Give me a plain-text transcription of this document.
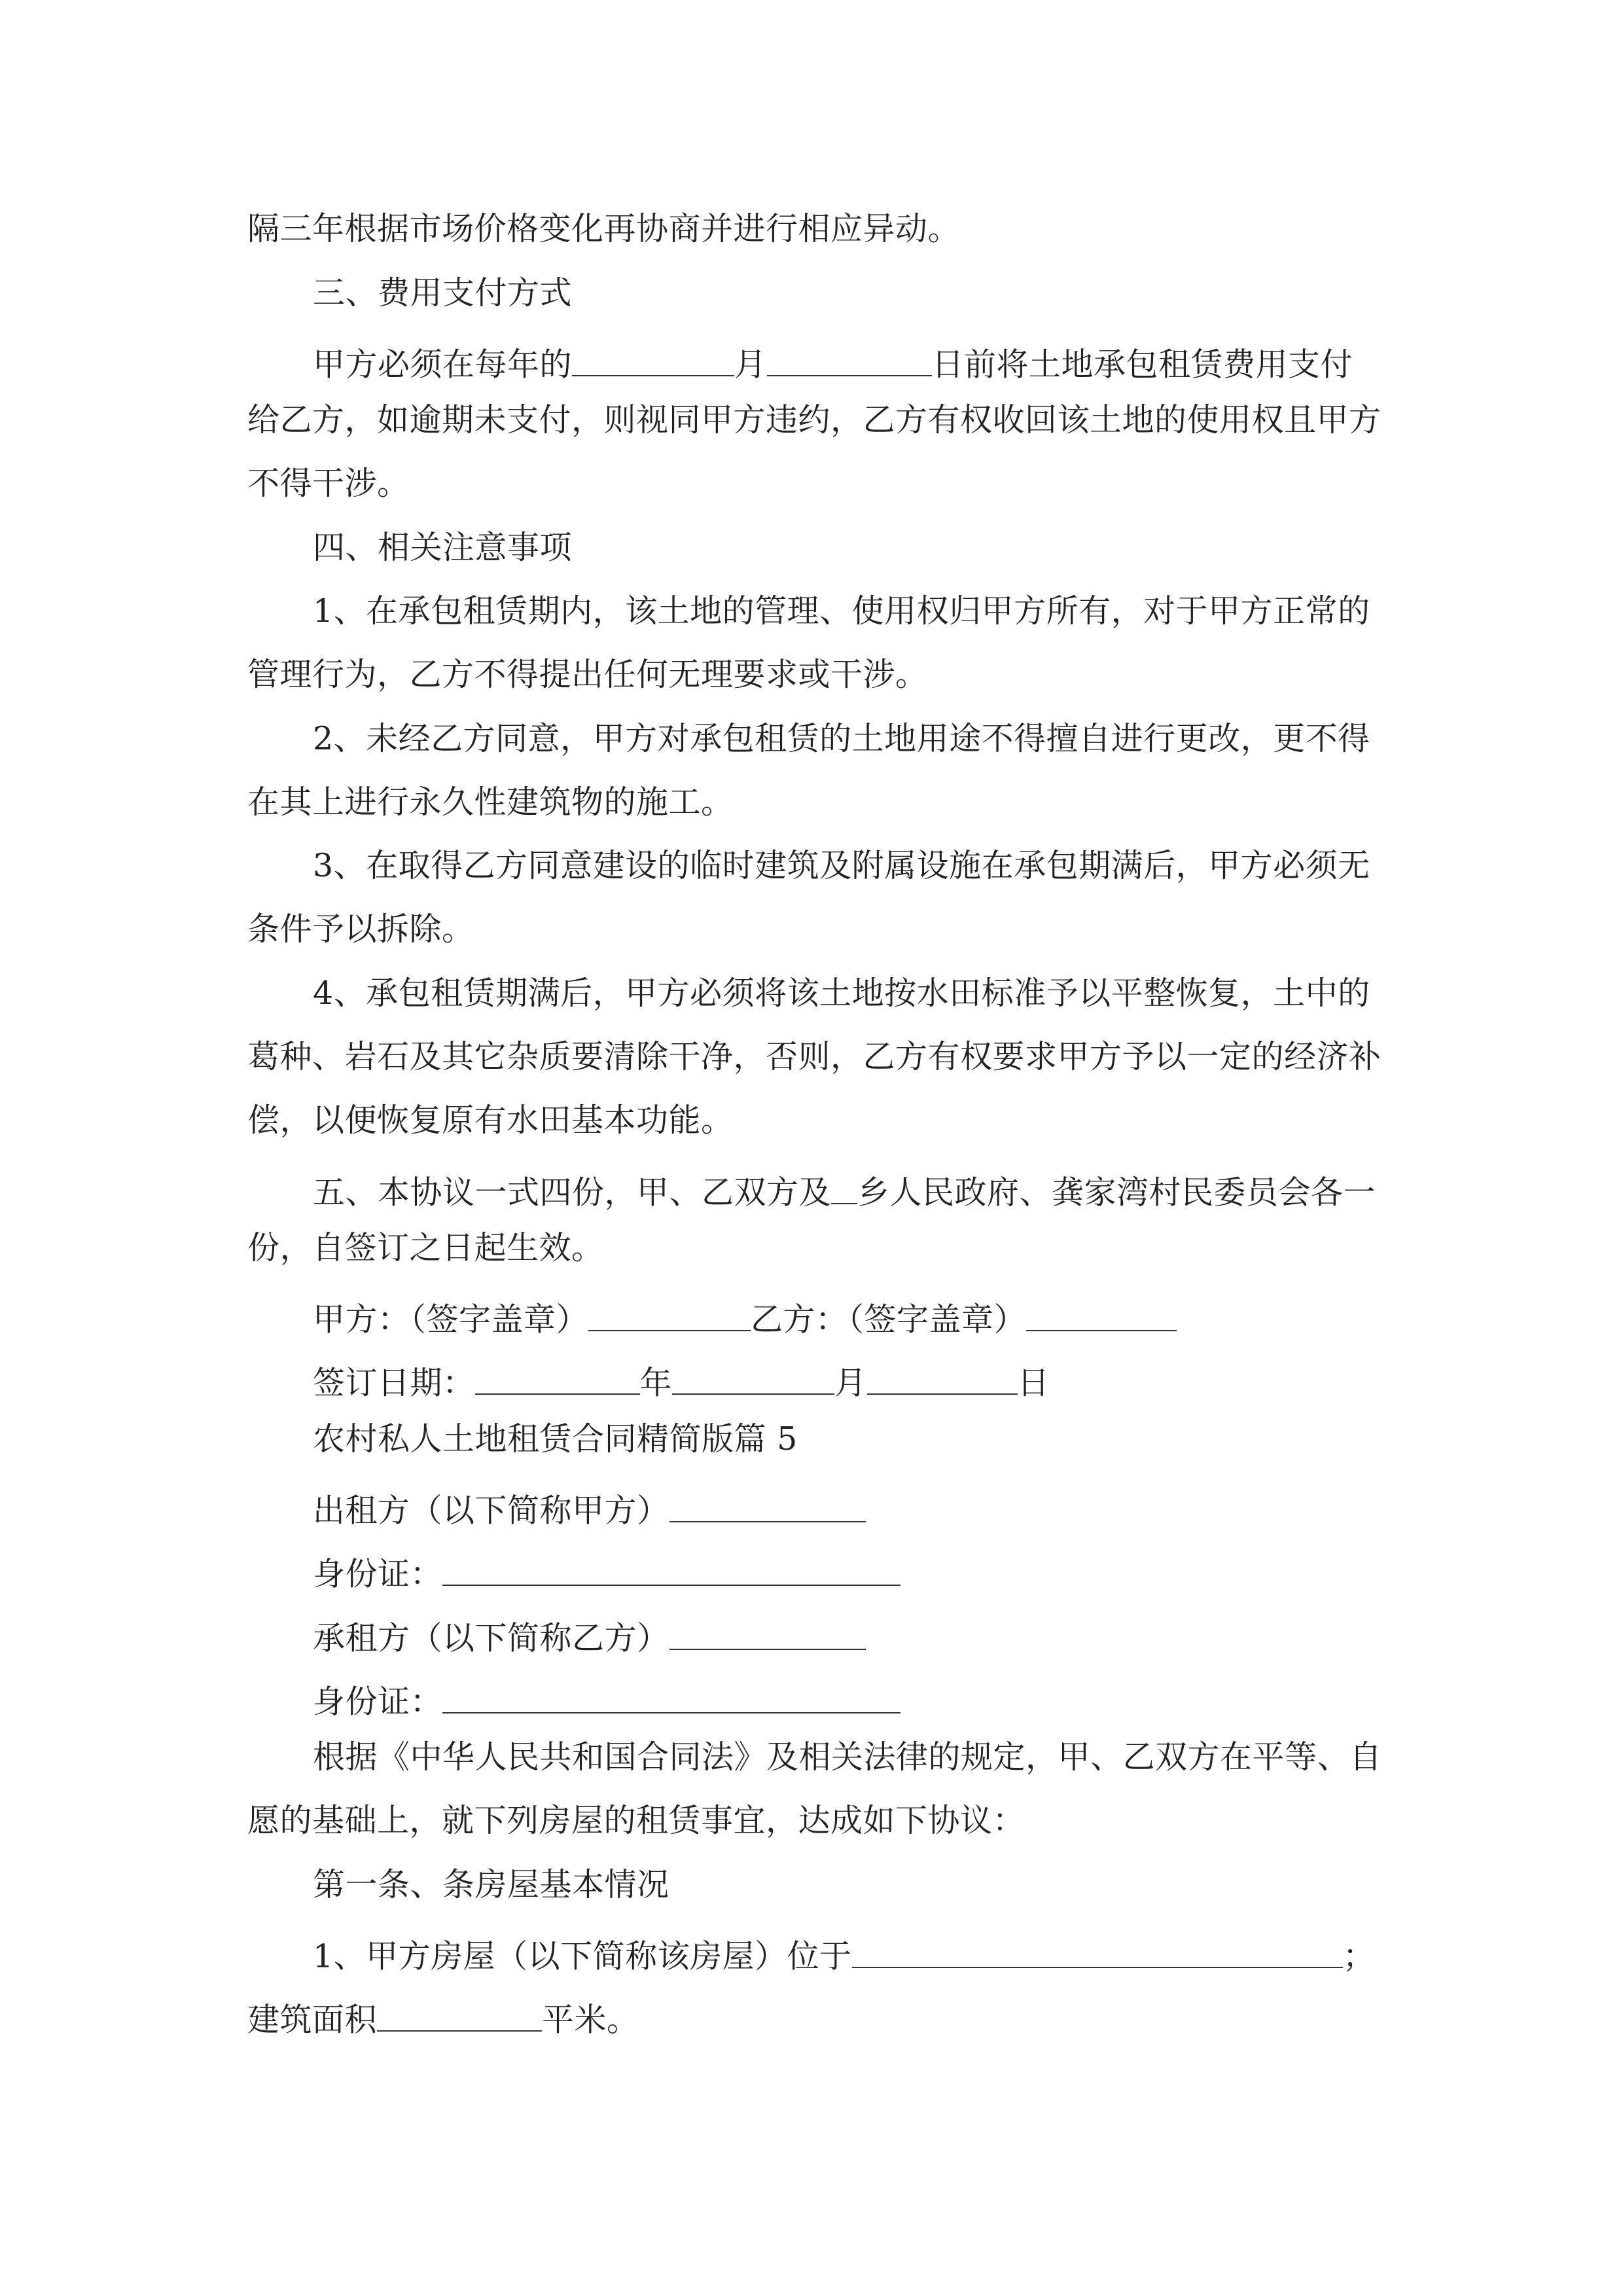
隔三年根据市场价格变化再协商并进行相应异动。
三、费用支付方式
甲方必须在每年的	月	日前将土地承包租赁费用支付
给乙方，如逾期未支付，则视同甲方违约，乙方有权收回该土地的使用权且甲方
不得干涉。
四、相关注意事项
1、在承包租赁期内，该土地的管理、使用权归甲方所有，对于甲方正常的
管理行为，乙方不得提出任何无理要求或干涉。
2、未经乙方同意，甲方对承包租赁的土地用途不得擅自进行更改，更不得
在其上进行永久性建筑物的施工。
3、在取得乙方同意建设的临时建筑及附属设施在承包期满后，甲方必须无
条件予以拆除。
4、承包租赁期满后，甲方必须将该土地按水田标准予以平整恢复，土中的
葛种、岩石及其它杂质要清除干净，否则，乙方有权要求甲方予以一定的经济补
偿，以便恢复原有水田基本功能。
五、本协议一式四份，甲、乙双方及 乡人民政府、龚家湾村民委员会各一
份，自签订之日起生效。
甲方：（签字盖章）	乙方：（签字盖章）
签订日期：	年	月	日
农村私人土地租赁合同精简版篇 5
出租方（以下简称甲方）
身份证：
承租方（以下简称乙方）
身份证：
根据《中华人民共和国合同法》及相关法律的规定，甲、乙双方在平等、自
愿的基础上，就下列房屋的租赁事宜，达成如下协议：
第一条、条房屋基本情况
1、甲方房屋（以下简称该房屋）位于	；
建筑面积	平米。
